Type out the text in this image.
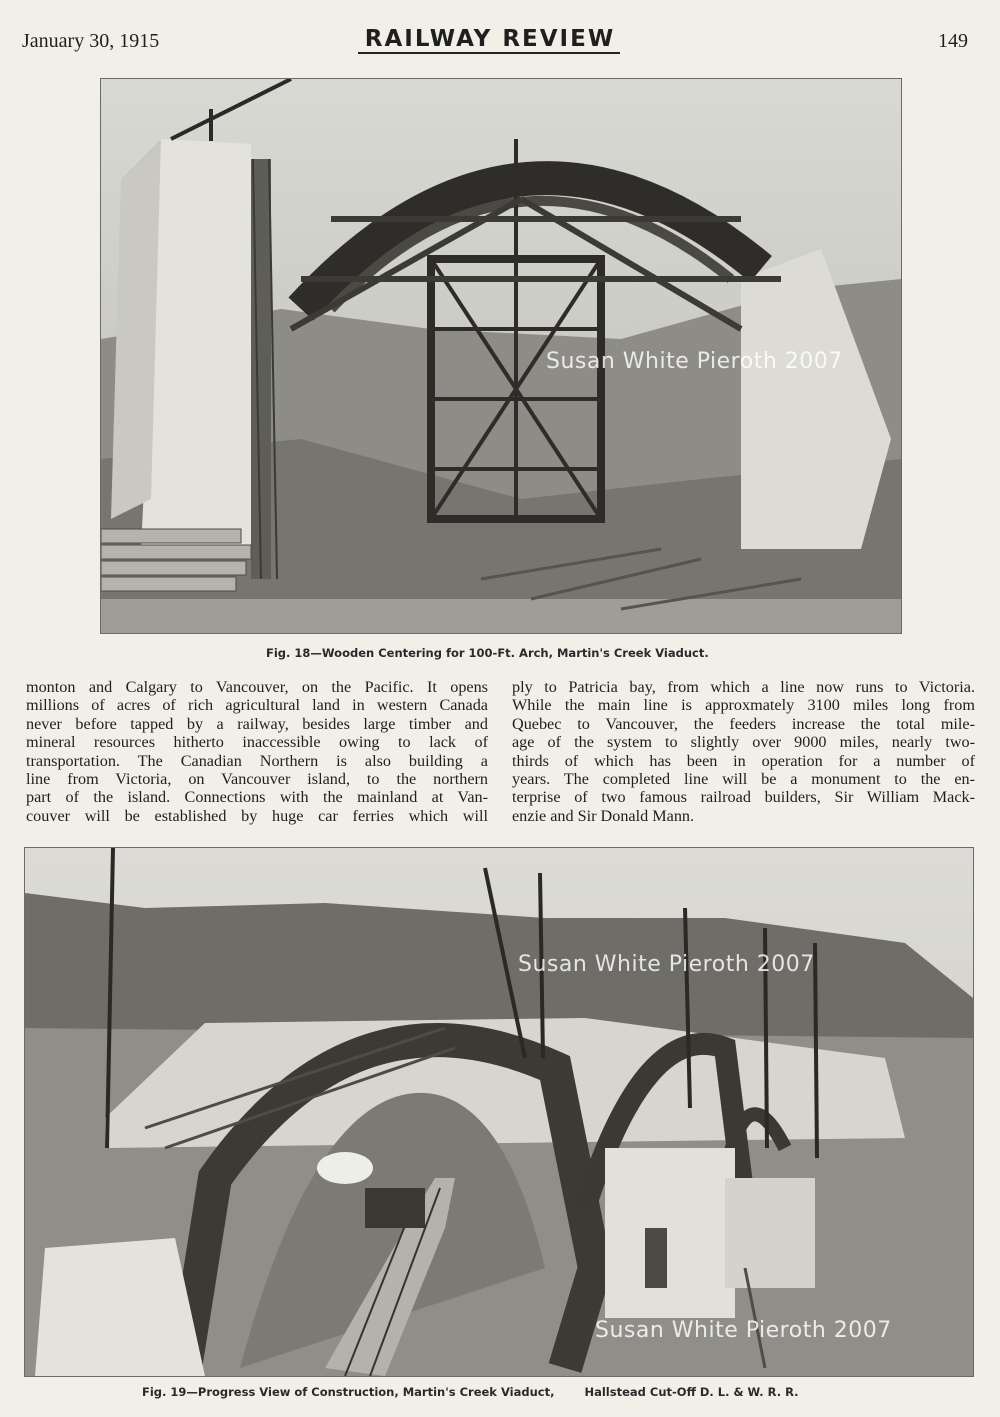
January 30, 1915	RAILWAY REVIEW	149
Susan White Pieroth 2007
Fig. 18—Wooden Centering for 100-Ft. Arch, Martin's Creek Viaduct.
monton and Calgary to Vancouver, on the Pacific. It opens
millions of acres of rich agricultural land in western Canada
never before tapped by a railway, besides large timber and
mineral resources hitherto inaccessible owing to lack of
transportation. The Canadian Northern is also building a
line from Victoria, on Vancouver island, to the northern
part of the island. Connections with the mainland at Van-
couver will be established by huge car ferries which will
ply to Patricia bay, from which a line now runs to Victoria.
While the main line is approxmately 3100 miles long from
Quebec to Vancouver, the feeders increase the total mile-
age of the system to slightly over 9000 miles, nearly two-
thirds of which has been in operation for a number of
years. The completed line will be a monument to the en-
terprise of two famous railroad builders, Sir William Mack-
enzie and Sir Donald Mann.
Susan White Pieroth 2007
Susan White Pieroth 2007
Fig. 19—Progress View of Construction, Martin's Creek Viaduct,	Hallstead Cut-Off D. L. & W. R. R.
